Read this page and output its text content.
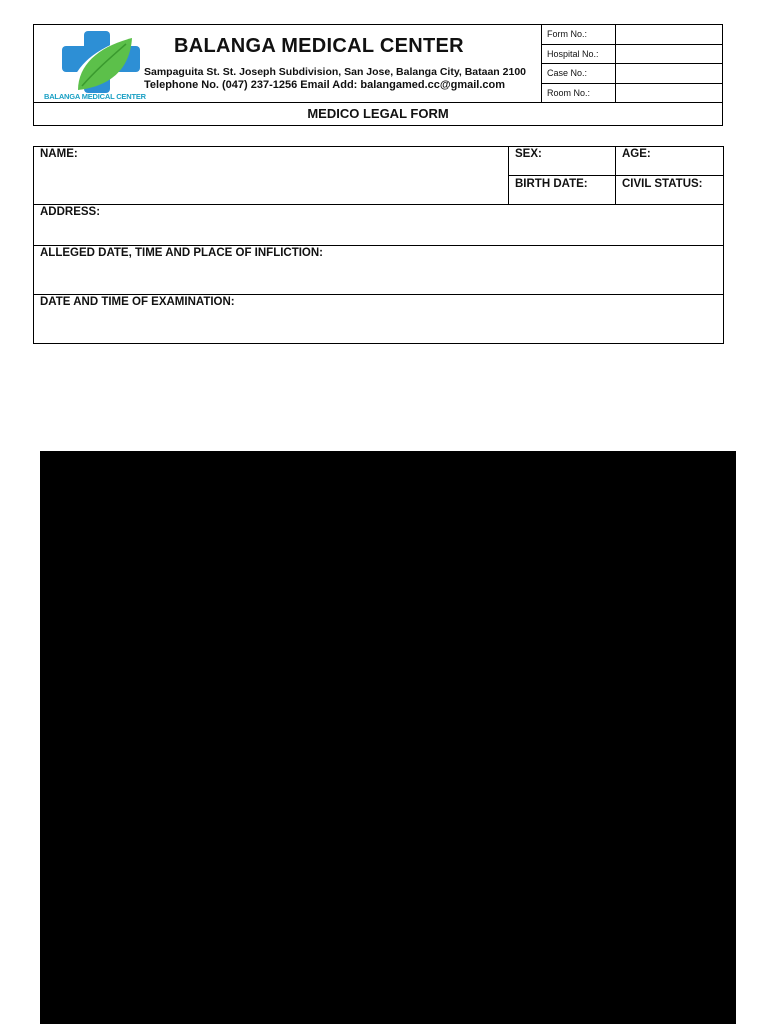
BALANGA MEDICAL CENTER
BALANGA MEDICAL CENTER
Sampaguita St. St. Joseph Subdivision, San Jose, Balanga City, Bataan 2100
Telephone No. (047) 237-1256 Email Add: balangamed.cc@gmail.com
Form No.:	
Hospital No.:	
Case No.:	
Room No.:	
MEDICO LEGAL FORM
NAME:	SEX:	AGE:
BIRTH DATE:	CIVIL STATUS:
ADDRESS:
ALLEGED DATE, TIME AND PLACE OF INFLICTION:
DATE AND TIME OF EXAMINATION:
